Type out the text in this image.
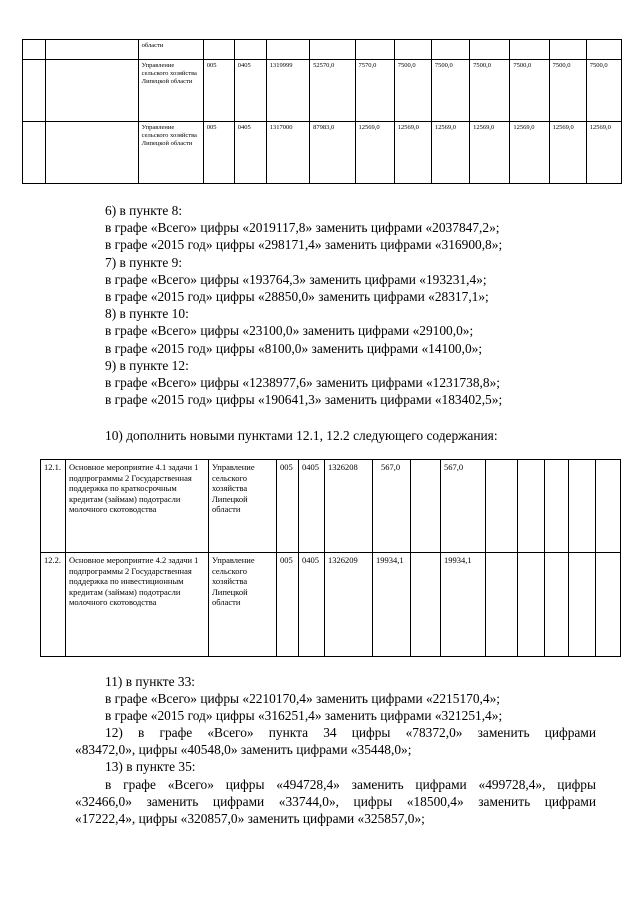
		области											
		Управление сельского хозяйства Липецкой области	005	0405	1319999	52570,0	7570,0	7500,0	7500,0	7500,0	7500,0	7500,0	7500,0
		Управление сельского хозяйства Липецкой области	005	0405	1317000	87983,0	12569,0	12569,0	12569,0	12569,0	12569,0	12569,0	12569,0
6) в пункте 8:
в графе «Всего» цифры «2019117,8» заменить цифрами «2037847,2»;
в графе «2015 год» цифры «298171,4» заменить цифрами «316900,8»;
7) в пункте 9:
в графе «Всего» цифры «193764,3» заменить цифрами «193231,4»;
в графе «2015 год» цифры «28850,0» заменить цифрами «28317,1»;
8) в пункте 10:
в графе «Всего» цифры «23100,0» заменить цифрами «29100,0»;
в графе «2015 год» цифры «8100,0» заменить цифрами «14100,0»;
9) в пункте 12:
в графе «Всего» цифры «1238977,6» заменить цифрами «1231738,8»;
в графе «2015 год» цифры «190641,3» заменить цифрами «183402,5»;
10) дополнить новыми пунктами 12.1, 12.2 следующего содержания:
12.1.	Основное мероприятие 4.1 задачи 1 подпрограммы 2 Государственная поддержка по краткосрочным кредитам (займам) подотрасли молочного скотоводства	Управление сельского хозяйства Липецкой области	005	0405	1326208	567,0		567,0					
12.2.	Основное мероприятие 4.2 задачи 1 подпрограммы 2 Государственная поддержка по инвестиционным кредитам (займам) подотрасли молочного скотоводства	Управление сельского хозяйства Липецкой области	005	0405	1326209	19934,1		19934,1					
11) в пункте 33:
в графе «Всего» цифры «2210170,4» заменить цифрами «2215170,4»;
в графе «2015 год» цифры «316251,4» заменить цифрами «321251,4»;
12) в графе «Всего» пункта 34 цифры «78372,0» заменить цифрами
«83472,0», цифры «40548,0» заменить цифрами «35448,0»;
13) в пункте 35:
в графе «Всего» цифры «494728,4» заменить цифрами «499728,4», цифры
«32466,0» заменить цифрами «33744,0», цифры «18500,4» заменить цифрами
«17222,4», цифры «320857,0» заменить цифрами «325857,0»;
